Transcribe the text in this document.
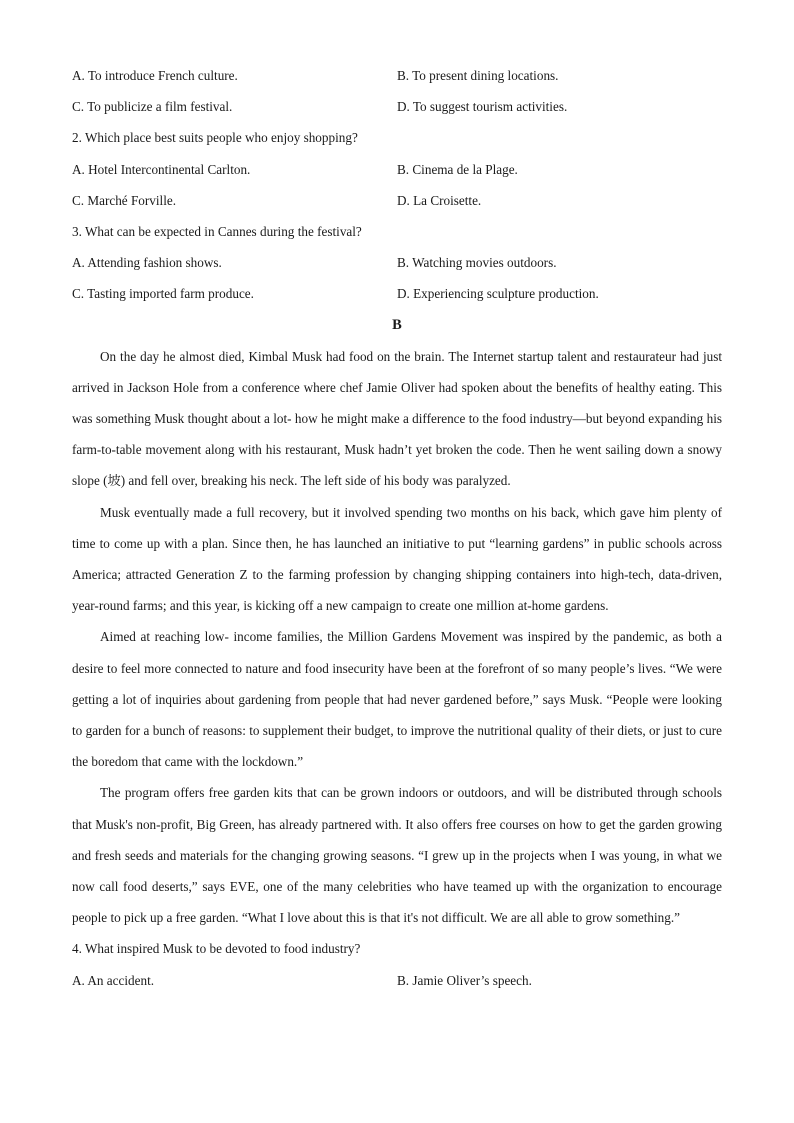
A. To introduce French culture.	B. To present dining locations.
C. To publicize a film festival.	D. To suggest tourism activities.
2. Which place best suits people who enjoy shopping?
A. Hotel Intercontinental Carlton.	B. Cinema de la Plage.
C. Marché Forville.	D. La Croisette.
3. What can be expected in Cannes during the festival?
A. Attending fashion shows.	B. Watching movies outdoors.
C. Tasting imported farm produce.	D. Experiencing sculpture production.
B

On the day he almost died, Kimbal Musk had food on the brain. The Internet startup talent and restaurateur had just arrived in Jackson Hole from a conference where chef Jamie Oliver had spoken about the benefits of healthy eating. This was something Musk thought about a lot- how he might make a difference to the food industry—but beyond expanding his farm-to-table movement along with his restaurant, Musk hadn’t yet broken the code. Then he went sailing down a snowy slope (坡) and fell over, breaking his neck. The left side of his body was paralyzed.

Musk eventually made a full recovery, but it involved spending two months on his back, which gave him plenty of time to come up with a plan. Since then, he has launched an initiative to put “learning gardens” in public schools across America; attracted Generation Z to the farming profession by changing shipping containers into high-tech, data-driven, year-round farms; and this year, is kicking off a new campaign to create one million at-home gardens.

Aimed at reaching low- income families, the Million Gardens Movement was inspired by the pandemic, as both a desire to feel more connected to nature and food insecurity have been at the forefront of so many people’s lives. “We were getting a lot of inquiries about gardening from people that had never gardened before,” says Musk. “People were looking to garden for a bunch of reasons: to supplement their budget, to improve the nutritional quality of their diets, or just to cure the boredom that came with the lockdown.”

The program offers free garden kits that can be grown indoors or outdoors, and will be distributed through schools that Musk's non-profit, Big Green, has already partnered with. It also offers free courses on how to get the garden growing and fresh seeds and materials for the changing growing seasons. “I grew up in the projects when I was young, in what we now call food deserts,” says EVE, one of the many celebrities who have teamed up with the organization to encourage people to pick up a free garden. “What I love about this is that it's not difficult. We are all able to grow something.”

4. What inspired Musk to be devoted to food industry?
A. An accident.	B. Jamie Oliver’s speech.
